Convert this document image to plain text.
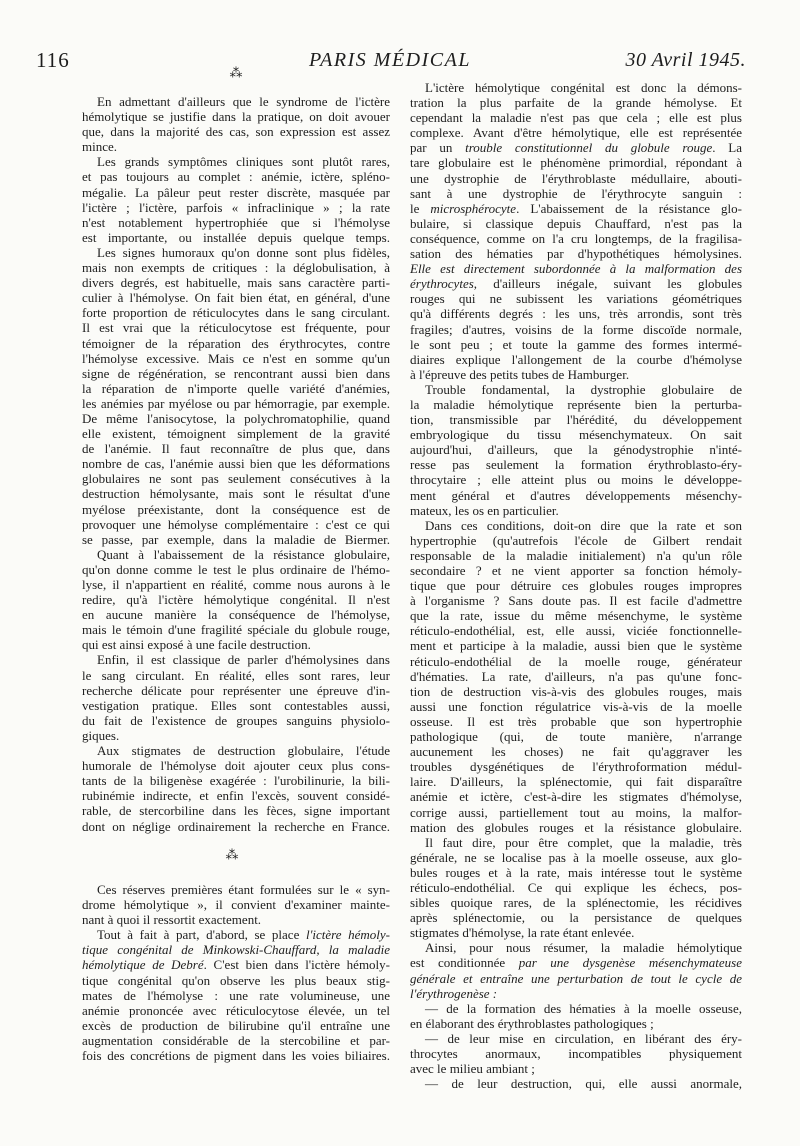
116	PARIS MÉDICAL	30 Avril 1945.
⁂
⁂
En admettant d'ailleurs que le syndrome de l'ictère
hémolytique se justifie dans la pratique, on doit avouer
que, dans la majorité des cas, son expression est assez
mince.
Les grands symptômes cliniques sont plutôt rares,
et pas toujours au complet : anémie, ictère, spléno-
mégalie. La pâleur peut rester discrète, masquée par
l'ictère ; l'ictère, parfois « infraclinique » ; la rate
n'est notablement hypertrophiée que si l'hémolyse
est importante, ou installée depuis quelque temps.
Les signes humoraux qu'on donne sont plus fidèles,
mais non exempts de critiques : la déglobulisation, à
divers degrés, est habituelle, mais sans caractère parti-
culier à l'hémolyse. On fait bien état, en général, d'une
forte proportion de réticulocytes dans le sang circulant.
Il est vrai que la réticulocytose est fréquente, pour
témoigner de la réparation des érythrocytes, contre
l'hémolyse excessive. Mais ce n'est en somme qu'un
signe de régénération, se rencontrant aussi bien dans
la réparation de n'importe quelle variété d'anémies,
les anémies par myélose ou par hémorragie, par exemple.
De même l'anisocytose, la polychromatophilie, quand
elle existent, témoignent simplement de la gravité
de l'anémie. Il faut reconnaître de plus que, dans
nombre de cas, l'anémie aussi bien que les déformations
globulaires ne sont pas seulement consécutives à la
destruction hémolysante, mais sont le résultat d'une
myélose préexistante, dont la conséquence est de
provoquer une hémolyse complémentaire : c'est ce qui
se passe, par exemple, dans la maladie de Biermer.
Quant à l'abaissement de la résistance globulaire,
qu'on donne comme le test le plus ordinaire de l'hémo-
lyse, il n'appartient en réalité, comme nous aurons à le
redire, qu'à l'ictère hémolytique congénital. Il n'est
en aucune manière la conséquence de l'hémolyse,
mais le témoin d'une fragilité spéciale du globule rouge,
qui est ainsi exposé à une facile destruction.
Enfin, il est classique de parler d'hémolysines dans
le sang circulant. En réalité, elles sont rares, leur
recherche délicate pour représenter une épreuve d'in-
vestigation pratique. Elles sont contestables aussi,
du fait de l'existence de groupes sanguins physiolo-
giques.
Aux stigmates de destruction globulaire, l'étude
humorale de l'hémolyse doit ajouter ceux plus cons-
tants de la biligenèse exagérée : l'urobilinurie, la bili-
rubinémie indirecte, et enfin l'excès, souvent considé-
rable, de stercorbiline dans les fèces, signe important
dont on néglige ordinairement la recherche en France.
Ces réserves premières étant formulées sur le « syn-
drome hémolytique », il convient d'examiner mainte-
nant à quoi il ressortit exactement.
Tout à fait à part, d'abord, se place l'ictère hémoly-
tique congénital de Minkowski-Chauffard, la maladie
hémolytique de Debré. C'est bien dans l'ictère hémoly-
tique congénital qu'on observe les plus beaux stig-
mates de l'hémolyse : une rate volumineuse, une
anémie prononcée avec réticulocytose élevée, un tel
excès de production de bilirubine qu'il entraîne une
augmentation considérable de la stercobiline et par-
fois des concrétions de pigment dans les voies biliaires.
L'ictère hémolytique congénital est donc la démons-
tration la plus parfaite de la grande hémolyse. Et
cependant la maladie n'est pas que cela ; elle est plus
complexe. Avant d'être hémolytique, elle est représentée
par un trouble constitutionnel du globule rouge. La
tare globulaire est le phénomène primordial, répondant à
une dystrophie de l'érythroblaste médullaire, abouti-
sant à une dystrophie de l'érythrocyte sanguin :
le microsphérocyte. L'abaissement de la résistance glo-
bulaire, si classique depuis Chauffard, n'est pas la
conséquence, comme on l'a cru longtemps, de la fragilisa-
sation des hématies par d'hypothétiques hémolysines.
Elle est directement subordonnée à la malformation des
érythrocytes, d'ailleurs inégale, suivant les globules
rouges qui ne subissent les variations géométriques
qu'à différents degrés : les uns, très arrondis, sont très
fragiles; d'autres, voisins de la forme discoïde normale,
le sont peu ; et toute la gamme des formes intermé-
diaires explique l'allongement de la courbe d'hémolyse
à l'épreuve des petits tubes de Hamburger.
Trouble fondamental, la dystrophie globulaire de
la maladie hémolytique représente bien la perturba-
tion, transmissible par l'hérédité, du développement
embryologique du tissu mésenchymateux. On sait
aujourd'hui, d'ailleurs, que la génodystrophie n'inté-
resse pas seulement la formation érythroblasto-éry-
throcytaire ; elle atteint plus ou moins le développe-
ment général et d'autres développements mésenchy-
mateux, les os en particulier.
Dans ces conditions, doit-on dire que la rate et son
hypertrophie (qu'autrefois l'école de Gilbert rendait
responsable de la maladie initialement) n'a qu'un rôle
secondaire ? et ne vient apporter sa fonction hémoly-
tique que pour détruire ces globules rouges impropres
à l'organisme ? Sans doute pas. Il est facile d'admettre
que la rate, issue du même mésenchyme, le système
réticulo-endothélial, est, elle aussi, viciée fonctionnelle-
ment et participe à la maladie, aussi bien que le système
réticulo-endothélial de la moelle rouge, générateur
d'hématies. La rate, d'ailleurs, n'a pas qu'une fonc-
tion de destruction vis-à-vis des globules rouges, mais
aussi une fonction régulatrice vis-à-vis de la moelle
osseuse. Il est très probable que son hypertrophie
pathologique (qui, de toute manière, n'arrange
aucunement les choses) ne fait qu'aggraver les
troubles dysgénétiques de l'érythroformation médul-
laire. D'ailleurs, la splénectomie, qui fait disparaître
anémie et ictère, c'est-à-dire les stigmates d'hémolyse,
corrige aussi, partiellement tout au moins, la malfor-
mation des globules rouges et la résistance globulaire.
Il faut dire, pour être complet, que la maladie, très
générale, ne se localise pas à la moelle osseuse, aux glo-
bules rouges et à la rate, mais intéresse tout le système
réticulo-endothélial. Ce qui explique les échecs, pos-
sibles quoique rares, de la splénectomie, les récidives
après splénectomie, ou la persistance de quelques
stigmates d'hémolyse, la rate étant enlevée.
Ainsi, pour nous résumer, la maladie hémolytique
est conditionnée par une dysgenèse mésenchymateuse
générale et entraîne une perturbation de tout le cycle de
l'érythrogenèse :
— de la formation des hématies à la moelle osseuse,
en élaborant des érythroblastes pathologiques ;
— de leur mise en circulation, en libérant des éry-
throcytes anormaux, incompatibles physiquement
avec le milieu ambiant ;
— de leur destruction, qui, elle aussi anormale,
